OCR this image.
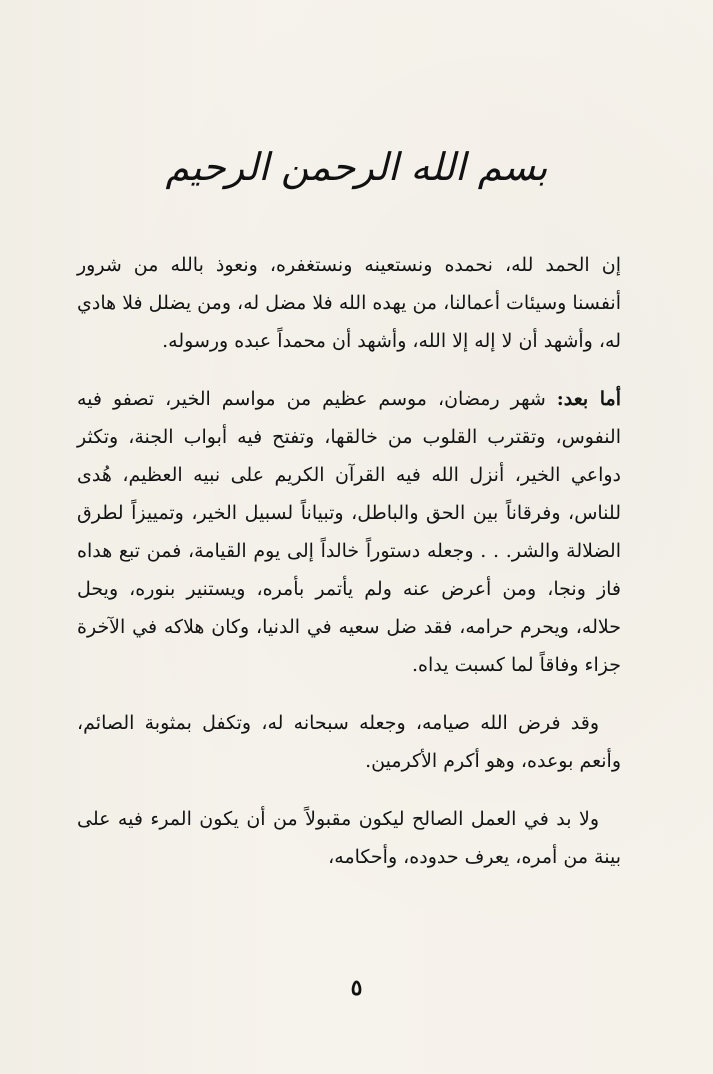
بسم الله الرحمن الرحيم

إن الحمد لله، نحمده ونستعينه ونستغفره، ونعوذ بالله من شرور أنفسنا وسيئات أعمالنا، من يهده الله فلا مضل له، ومن يضلل فلا هادي له، وأشهد أن لا إله إلا الله، وأشهد أن محمداً عبده ورسوله.

أما بعد: شهر رمضان، موسم عظيم من مواسم الخير، تصفو فيه النفوس، وتقترب القلوب من خالقها، وتفتح فيه أبواب الجنة، وتكثر دواعي الخير، أنزل الله فيه القرآن الكريم على نبيه العظيم، هُدى للناس، وفرقاناً بين الحق والباطل، وتبياناً لسبيل الخير، وتمييزاً لطرق الضلالة والشر. . . وجعله دستوراً خالداً إلى يوم القيامة، فمن تبع هداه فاز ونجا، ومن أعرض عنه ولم يأتمر بأمره، ويستنير بنوره، ويحل حلاله، ويحرم حرامه، فقد ضل سعيه في الدنيا، وكان هلاكه في الآخرة جزاء وفاقاً لما كسبت يداه.

وقد فرض الله صيامه، وجعله سبحانه له، وتكفل بمثوبة الصائم، وأنعم بوعده، وهو أكرم الأكرمين.

ولا بد في العمل الصالح ليكون مقبولاً من أن يكون المرء فيه على بينة من أمره، يعرف حدوده، وأحكامه،

٥
